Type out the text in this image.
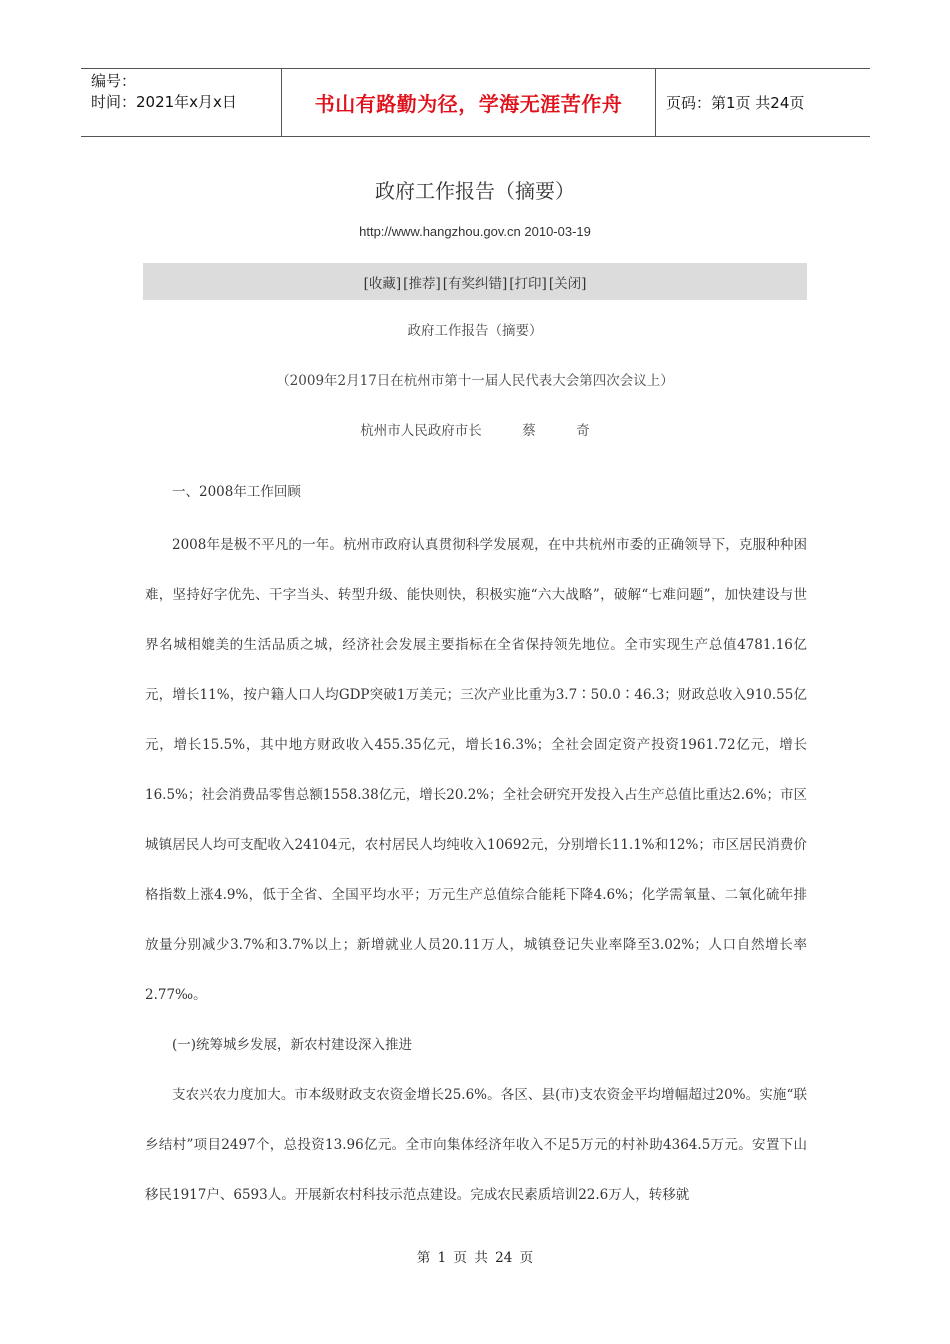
编号：
时间：2021年x月x日	书山有路勤为径，学海无涯苦作舟	页码：第1页 共24页
政府工作报告（摘要）
http://www.hangzhou.gov.cn 2010-03-19
[收藏] [推荐] [有奖纠错] [打印] [关闭]
政府工作报告（摘要）
（2009年2月17日在杭州市第十一届人民代表大会第四次会议上）
杭州市人民政府市长　　　蔡　　　奇

一、2008年工作回顾

2008年是极不平凡的一年。杭州市政府认真贯彻科学发展观，在中共杭州市委的正确领导下，克服种种困难，坚持好字优先、干字当头、转型升级、能快则快，积极实施“六大战略”，破解“七难问题”，加快建设与世界名城相媲美的生活品质之城，经济社会发展主要指标在全省保持领先地位。全市实现生产总值4781.16亿元，增长11%，按户籍人口人均GDP突破1万美元；三次产业比重为3.7∶50.0∶46.3；财政总收入910.55亿元，增长15.5%，其中地方财政收入455.35亿元，增长16.3%；全社会固定资产投资1961.72亿元，增长16.5%；社会消费品零售总额1558.38亿元，增长20.2%；全社会研究开发投入占生产总值比重达2.6%；市区城镇居民人均可支配收入24104元，农村居民人均纯收入10692元，分别增长11.1%和12%；市区居民消费价格指数上涨4.9%，低于全省、全国平均水平；万元生产总值综合能耗下降4.6%；化学需氧量、二氧化硫年排放量分别减少3.7%和3.7%以上；新增就业人员20.11万人，城镇登记失业率降至3.02%；人口自然增长率2.77‰。

(一)统筹城乡发展，新农村建设深入推进

支农兴农力度加大。市本级财政支农资金增长25.6%。各区、县(市)支农资金平均增幅超过20%。实施“联乡结村”项目2497个，总投资13.96亿元。全市向集体经济年收入不足5万元的村补助4364.5万元。安置下山移民1917户、6593人。开展新农村科技示范点建设。完成农民素质培训22.6万人，转移就

第 1 页 共 24 页
